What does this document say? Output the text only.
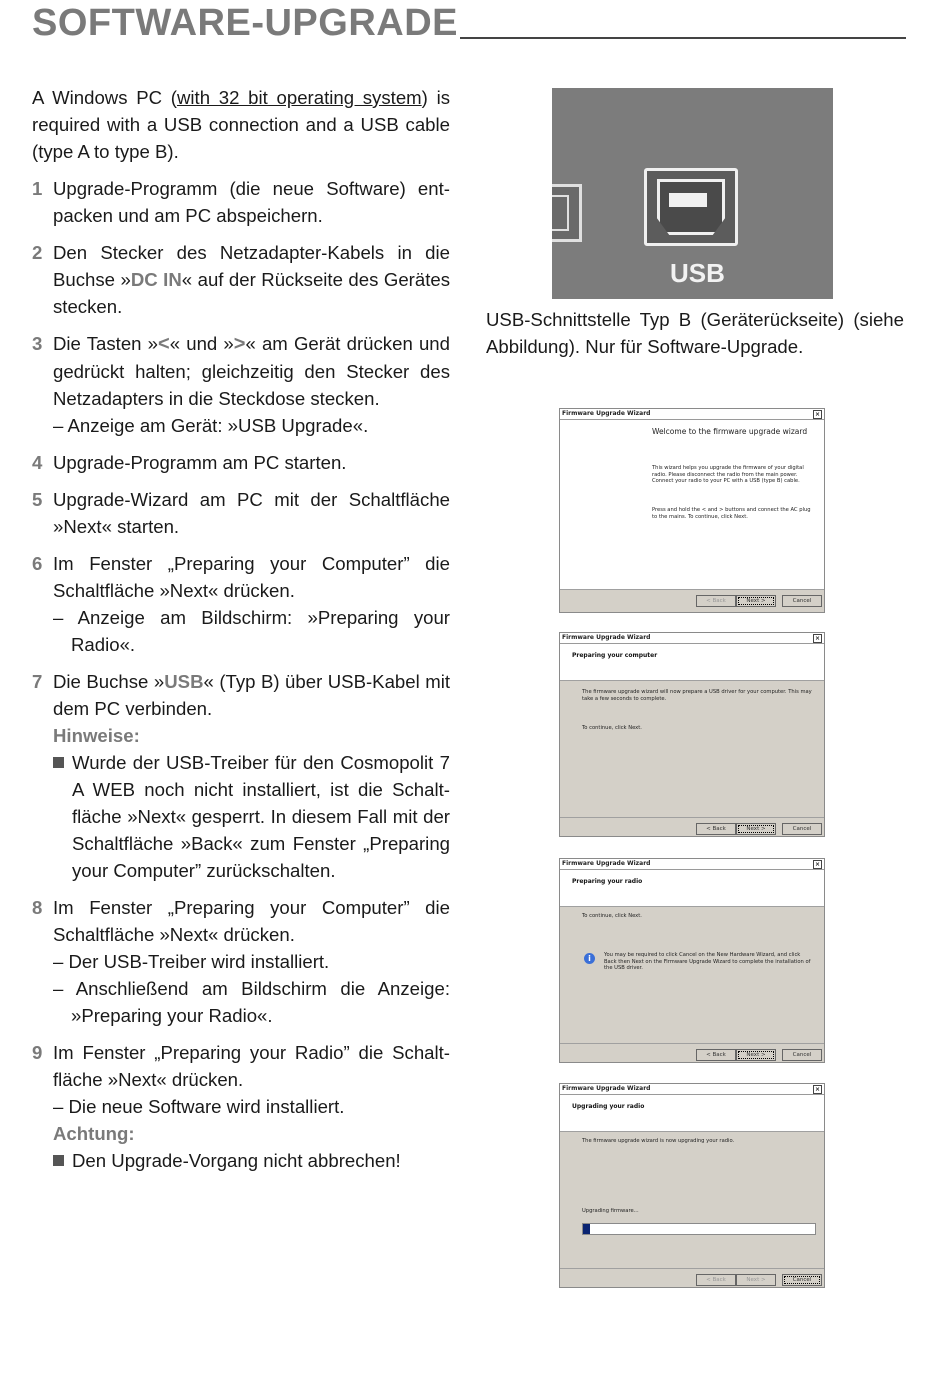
SOFTWARE-UPGRADE

A Windows PC (with 32 bit operating system) is required with a USB connection and a USB cable (type A to type B).

1 Upgrade-Programm (die neue Software) entpacken und am PC abspeichern.

2 Den Stecker des Netzadapter-Kabels in die Buchse »DC IN« auf der Rückseite des Gerätes stecken.

3 Die Tasten »<« und »>« am Gerät drücken und gedrückt halten; gleichzeitig den Stecker des Netzadapters in die Steckdose stecken.

– Anzeige am Gerät: »USB Upgrade«.

4 Upgrade-Programm am PC starten.

5 Upgrade-Wizard am PC mit der Schaltfläche »Next« starten.

6 Im Fenster „Preparing your Computer” die Schaltfläche »Next« drücken.

– Anzeige am Bildschirm: »Preparing your Radio«.

7 Die Buchse »USB« (Typ B) über USB-Kabel mit dem PC verbinden.

Hinweise:

Wurde der USB-Treiber für den Cosmopolit 7 A WEB noch nicht installiert, ist die Schaltfläche »Next« gesperrt. In diesem Fall mit der Schaltfläche »Back« zum Fenster „Preparing your Computer” zurückschalten.

8 Im Fenster „Preparing your Computer” die Schaltfläche »Next« drücken.

– Der USB-Treiber wird installiert.

– Anschließend am Bildschirm die Anzeige: »Preparing your Radio«.

9 Im Fenster „Preparing your Radio” die Schaltfläche »Next« drücken.

– Die neue Software wird installiert.

Achtung:

Den Upgrade-Vorgang nicht abbrechen!

USB

USB-Schnittstelle Typ B (Geräterückseite) (siehe Abbildung). Nur für Software-Upgrade.

Firmware Upgrade Wizard	×
Welcome to the firmware upgrade wizard
This wizard helps you upgrade the firmware of your digital radio. Please disconnect the radio from the main power. Connect your radio to your PC with a USB (type B) cable.
Press and hold the < and > buttons and connect the AC plug to the mains. To continue, click Next.
< Back	Next >	Cancel
Firmware Upgrade Wizard	×
Preparing your computer
The firmware upgrade wizard will now prepare a USB driver for your computer. This may take a few seconds to complete.
To continue, click Next.
< Back	Next >	Cancel
Firmware Upgrade Wizard	×
Preparing your radio
To continue, click Next.
i	You may be required to click Cancel on the New Hardware Wizard, and click Back then Next on the Firmware Upgrade Wizard to complete the installation of the USB driver.
< Back	Next >	Cancel
Firmware Upgrade Wizard	×
Upgrading your radio
The firmware upgrade wizard is now upgrading your radio.
Upgrading firmware...
< Back	Next >	Cancel
